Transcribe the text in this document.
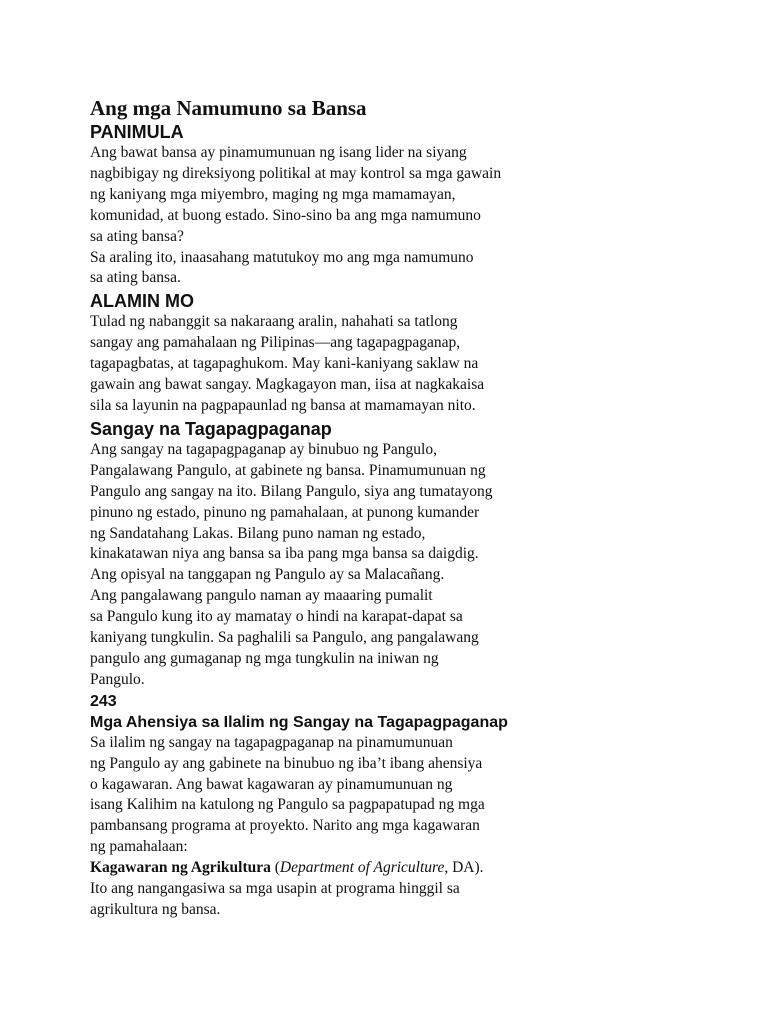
Ang mga Namumuno sa Bansa
PANIMULA

Ang bawat bansa ay pinamumunuan ng isang lider na siyang
nagbibigay ng direksiyong politikal at may kontrol sa mga gawain
ng kaniyang mga miyembro, maging ng mga mamamayan,
komunidad, at buong estado. Sino-sino ba ang mga namumuno
sa ating bansa?
Sa araling ito, inaasahang matutukoy mo ang mga namumuno
sa ating bansa.

ALAMIN MO

Tulad ng nabanggit sa nakaraang aralin, nahahati sa tatlong
sangay ang pamahalaan ng Pilipinas—ang tagapagpaganap,
tagapagbatas, at tagapaghukom. May kani-kaniyang saklaw na
gawain ang bawat sangay. Magkagayon man, iisa at nagkakaisa
sila sa layunin na pagpapaunlad ng bansa at mamamayan nito.

Sangay na Tagapagpaganap

Ang sangay na tagapagpaganap ay binubuo ng Pangulo,
Pangalawang Pangulo, at gabinete ng bansa. Pinamumunuan ng
Pangulo ang sangay na ito. Bilang Pangulo, siya ang tumatayong
pinuno ng estado, pinuno ng pamahalaan, at punong kumander
ng Sandatahang Lakas. Bilang puno naman ng estado,
kinakatawan niya ang bansa sa iba pang mga bansa sa daigdig.
Ang opisyal na tanggapan ng Pangulo ay sa Malacañang.
Ang pangalawang pangulo naman ay maaaring pumalit
sa Pangulo kung ito ay mamatay o hindi na karapat-dapat sa
kaniyang tungkulin. Sa paghalili sa Pangulo, ang pangalawang
pangulo ang gumaganap ng mga tungkulin na iniwan ng
Pangulo.

243
Mga Ahensiya sa Ilalim ng Sangay na Tagapagpaganap

Sa ilalim ng sangay na tagapagpaganap na pinamumunuan
ng Pangulo ay ang gabinete na binubuo ng iba’t ibang ahensiya
o kagawaran. Ang bawat kagawaran ay pinamumunuan ng
isang Kalihim na katulong ng Pangulo sa pagpapatupad ng mga
pambansang programa at proyekto. Narito ang mga kagawaran
ng pamahalaan:

Kagawaran ng Agrikultura (Department of Agriculture, DA).
Ito ang nangangasiwa sa mga usapin at programa hinggil sa
agrikultura ng bansa.
